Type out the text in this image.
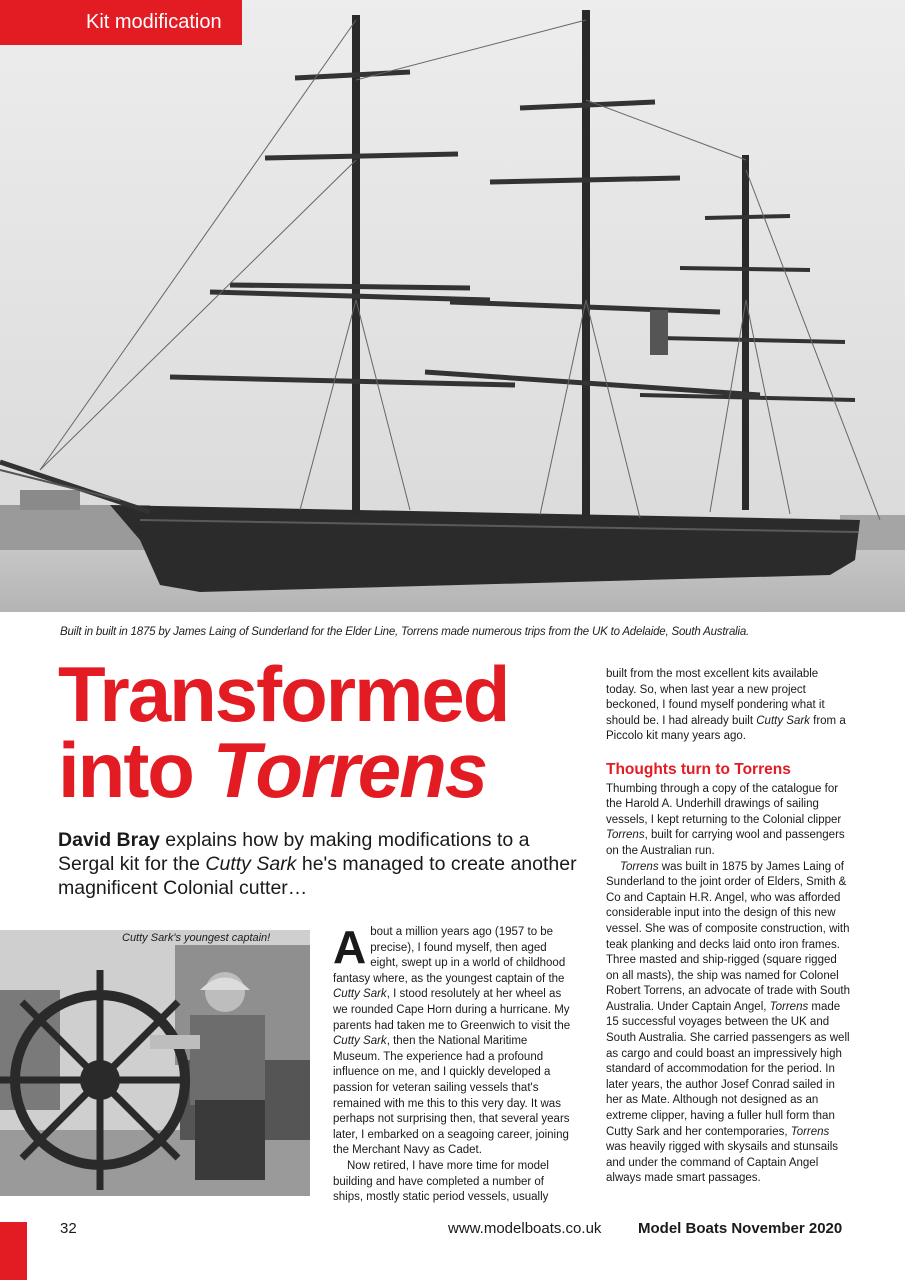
Kit modification
Built in built in 1875 by James Laing of Sunderland for the Elder Line, Torrens made numerous trips from the UK to Adelaide, South Australia.
Transformed
into Torrens

David Bray explains how by making modifications to a Sergal kit for the Cutty Sark he's managed to create another magnificent Colonial cutter…

Cutty Sark's youngest captain! About a million years ago (1957 to be precise), I found myself, then aged eight, swept up in a world of childhood fantasy where, as the youngest captain of the Cutty Sark, I stood resolutely at her wheel as we rounded Cape Horn during a hurricane. My parents had taken me to Greenwich to visit the Cutty Sark, then the National Maritime Museum. The experience had a profound influence on me, and I quickly developed a passion for veteran sailing vessels that's remained with me this to this very day. It was perhaps not surprising then, that several years later, I embarked on a seagoing career, joining the Merchant Navy as Cadet.

Now retired, I have more time for model building and have completed a number of ships, mostly static period vessels, usually

built from the most excellent kits available today. So, when last year a new project beckoned, I found myself pondering what it should be. I had already built Cutty Sark from a Piccolo kit many years ago.

Thoughts turn to Torrens

Thumbing through a copy of the catalogue for the Harold A. Underhill drawings of sailing vessels, I kept returning to the Colonial clipper Torrens, built for carrying wool and passengers on the Australian run.

Torrens was built in 1875 by James Laing of Sunderland to the joint order of Elders, Smith & Co and Captain H.R. Angel, who was afforded considerable input into the design of this new vessel. She was of composite construction, with teak planking and decks laid onto iron frames. Three masted and ship-rigged (square rigged on all masts), the ship was named for Colonel Robert Torrens, an advocate of trade with South Australia. Under Captain Angel, Torrens made 15 successful voyages between the UK and South Australia. She carried passengers as well as cargo and could boast an impressively high standard of accommodation for the period. In later years, the author Josef Conrad sailed in her as Mate. Although not designed as an extreme clipper, having a fuller hull form than Cutty Sark and her contemporaries, Torrens was heavily rigged with skysails and stunsails and under the command of Captain Angel always made smart passages.

32	www.modelboats.co.uk Model Boats November 2020
